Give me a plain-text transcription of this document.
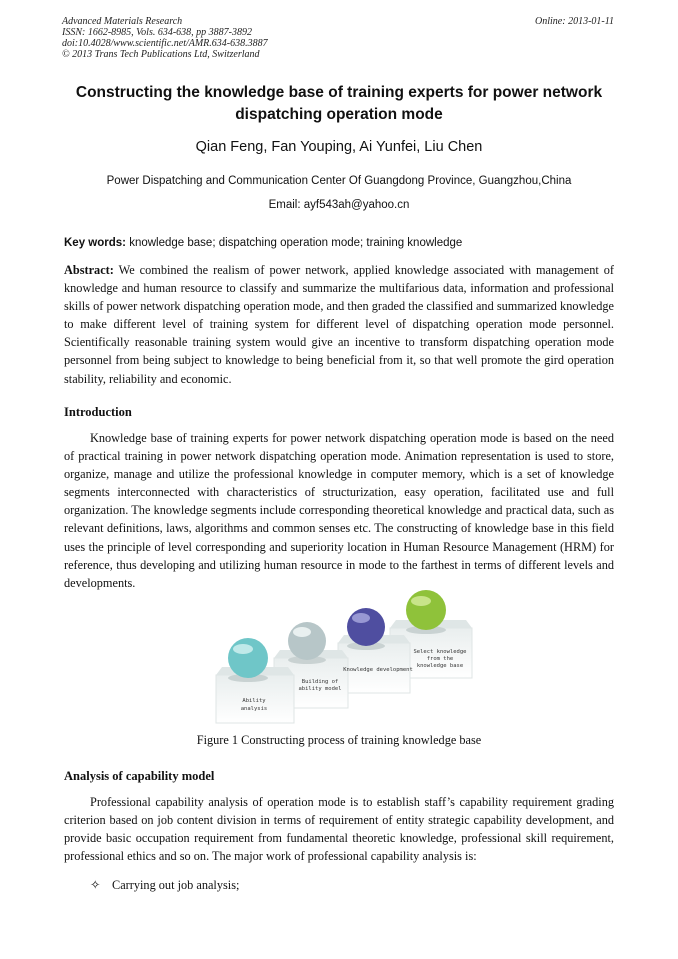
Advanced Materials Research
ISSN: 1662-8985, Vols. 634-638, pp 3887-3892
doi:10.4028/www.scientific.net/AMR.634-638.3887
© 2013 Trans Tech Publications Ltd, Switzerland
Online: 2013-01-11
Constructing the knowledge base of training experts for power network dispatching operation mode
Qian Feng, Fan Youping, Ai Yunfei, Liu Chen
Power Dispatching and Communication Center Of Guangdong Province, Guangzhou,China
Email: ayf543ah@yahoo.cn
Key words: knowledge base; dispatching operation mode; training knowledge
Abstract: We combined the realism of power network, applied knowledge associated with management of knowledge and human resource to classify and summarize the multifarious data, information and professional skills of power network dispatching operation mode, and then graded the classified and summarized knowledge to make different level of training system for different level of dispatching operation mode personnel. Scientifically reasonable training system would give an incentive to transform dispatching operation mode personnel from being subject to knowledge to being beneficial from it, so that well promote the gird operation stability, reliability and economic.
Introduction
Knowledge base of training experts for power network dispatching operation mode is based on the need of practical training in power network dispatching operation mode. Animation representation is used to store, organize, manage and utilize the professional knowledge in computer memory, which is a set of knowledge segments interconnected with characteristics of structurization, easy operation, facilitated use and full organization. The knowledge segments include corresponding theoretical knowledge and practical data, such as relevant definitions, laws, algorithms and common senses etc. The constructing of knowledge base in this field uses the principle of level corresponding and superiority location in Human Resource Management (HRM) for reference, thus developing and utilizing human resource in mode to the farthest in terms of different levels and developments.
Ability
analysis
Building of
ability model
Knowledge development
Select knowledge
from the
knowledge base
Figure 1 Constructing process of training knowledge base
Analysis of capability model
Professional capability analysis of operation mode is to establish staff’s capability requirement grading criterion based on job content division in terms of requirement of entity strategic capability development, and provide basic occupation requirement from fundamental theoretic knowledge, professional skill requirement, professional ethics and so on. The major work of professional capability analysis is:
✧ Carrying out job analysis;
